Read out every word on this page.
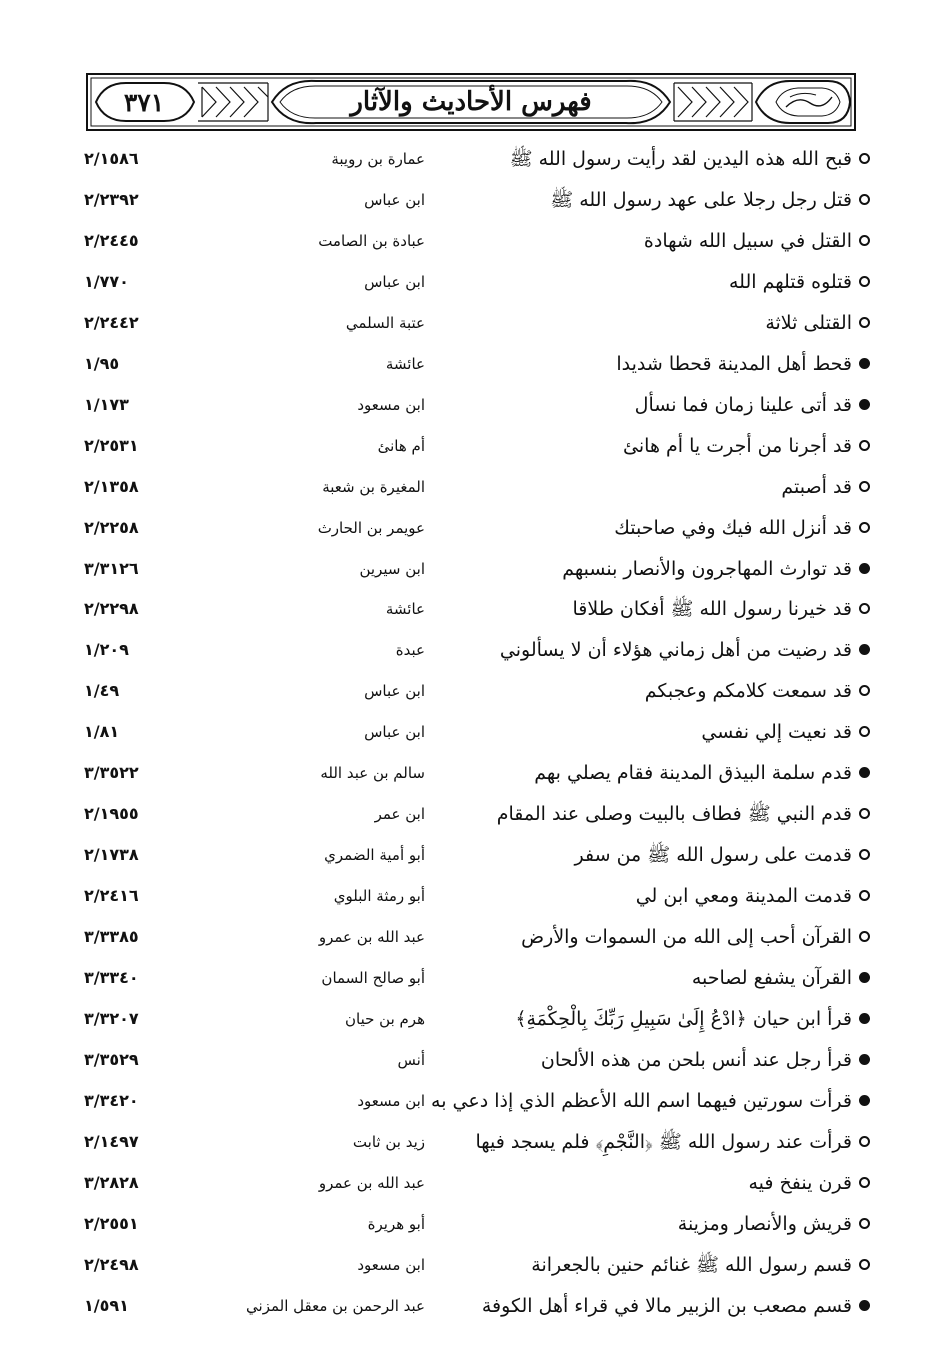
٣٧١	فهرس الأحاديث والآثار
قبح الله هذه اليدين لقد رأيت رسول الله ﷺ
عمارة بن رويبة
٢/١٥٨٦
قتل رجل رجلا على عهد رسول الله ﷺ
ابن عباس
٢/٢٣٩٢
القتل في سبيل الله شهادة
عبادة بن الصامت
٢/٢٤٤٥
قتلوه قتلهم الله
ابن عباس
١/٧٧٠
القتلى ثلاثة
عتبة السلمي
٢/٢٤٤٢
قحط أهل المدينة قحطا شديدا
عائشة
١/٩٥
قد أتى علينا زمان فما نسأل
ابن مسعود
١/١٧٣
قد أجرنا من أجرت يا أم هانئ
أم هانئ
٢/٢٥٣١
قد أصبتم
المغيرة بن شعبة
٢/١٣٥٨
قد أنزل الله فيك وفي صاحبتك
عويمر بن الحارث
٢/٢٢٥٨
قد توارث المهاجرون والأنصار بنسبهم
ابن سيرين
٣/٣١٢٦
قد خيرنا رسول الله ﷺ أفكان طلاقا
عائشة
٢/٢٢٩٨
قد رضيت من أهل زماني هؤلاء أن لا يسألوني
عبدة
١/٢٠٩
قد سمعت كلامكم وعجبكم
ابن عباس
١/٤٩
قد نعيت إلي نفسي
ابن عباس
١/٨١
قدم سلمة البيذق المدينة فقام يصلي بهم
سالم بن عبد الله
٣/٣٥٢٢
قدم النبي ﷺ فطاف بالبيت وصلى عند المقام
ابن عمر
٢/١٩٥٥
قدمت على رسول الله ﷺ من سفر
أبو أمية الضمري
٢/١٧٣٨
قدمت المدينة ومعي ابن لي
أبو رمثة البلوي
٢/٢٤١٦
القرآن أحب إلى الله من السموات والأرض
عبد الله بن عمرو
٣/٣٣٨٥
القرآن يشفع لصاحبه
أبو صالح السمان
٣/٣٣٤٠
قرأ ابن حيان ﴿ادْعُ إِلَىٰ سَبِيلِ رَبِّكَ بِالْحِكْمَةِ﴾
هرم بن حيان
٣/٣٢٠٧
قرأ رجل عند أنس بلحن من هذه الألحان
أنس
٣/٣٥٢٩
قرأت سورتين فيهما اسم الله الأعظم الذي إذا دعي به
ابن مسعود
٣/٣٤٢٠
قرأت عند رسول الله ﷺ ﴿النَّجْمِ﴾ فلم يسجد فيها
زيد بن ثابت
٢/١٤٩٧
قرن ينفخ فيه
عبد الله بن عمرو
٣/٢٨٢٨
قريش والأنصار ومزينة
أبو هريرة
٢/٢٥٥١
قسم رسول الله ﷺ غنائم حنين بالجعرانة
ابن مسعود
٢/٢٤٩٨
قسم مصعب بن الزبير مالا في قراء أهل الكوفة
عبد الرحمن بن معقل المزني
١/٥٩١
